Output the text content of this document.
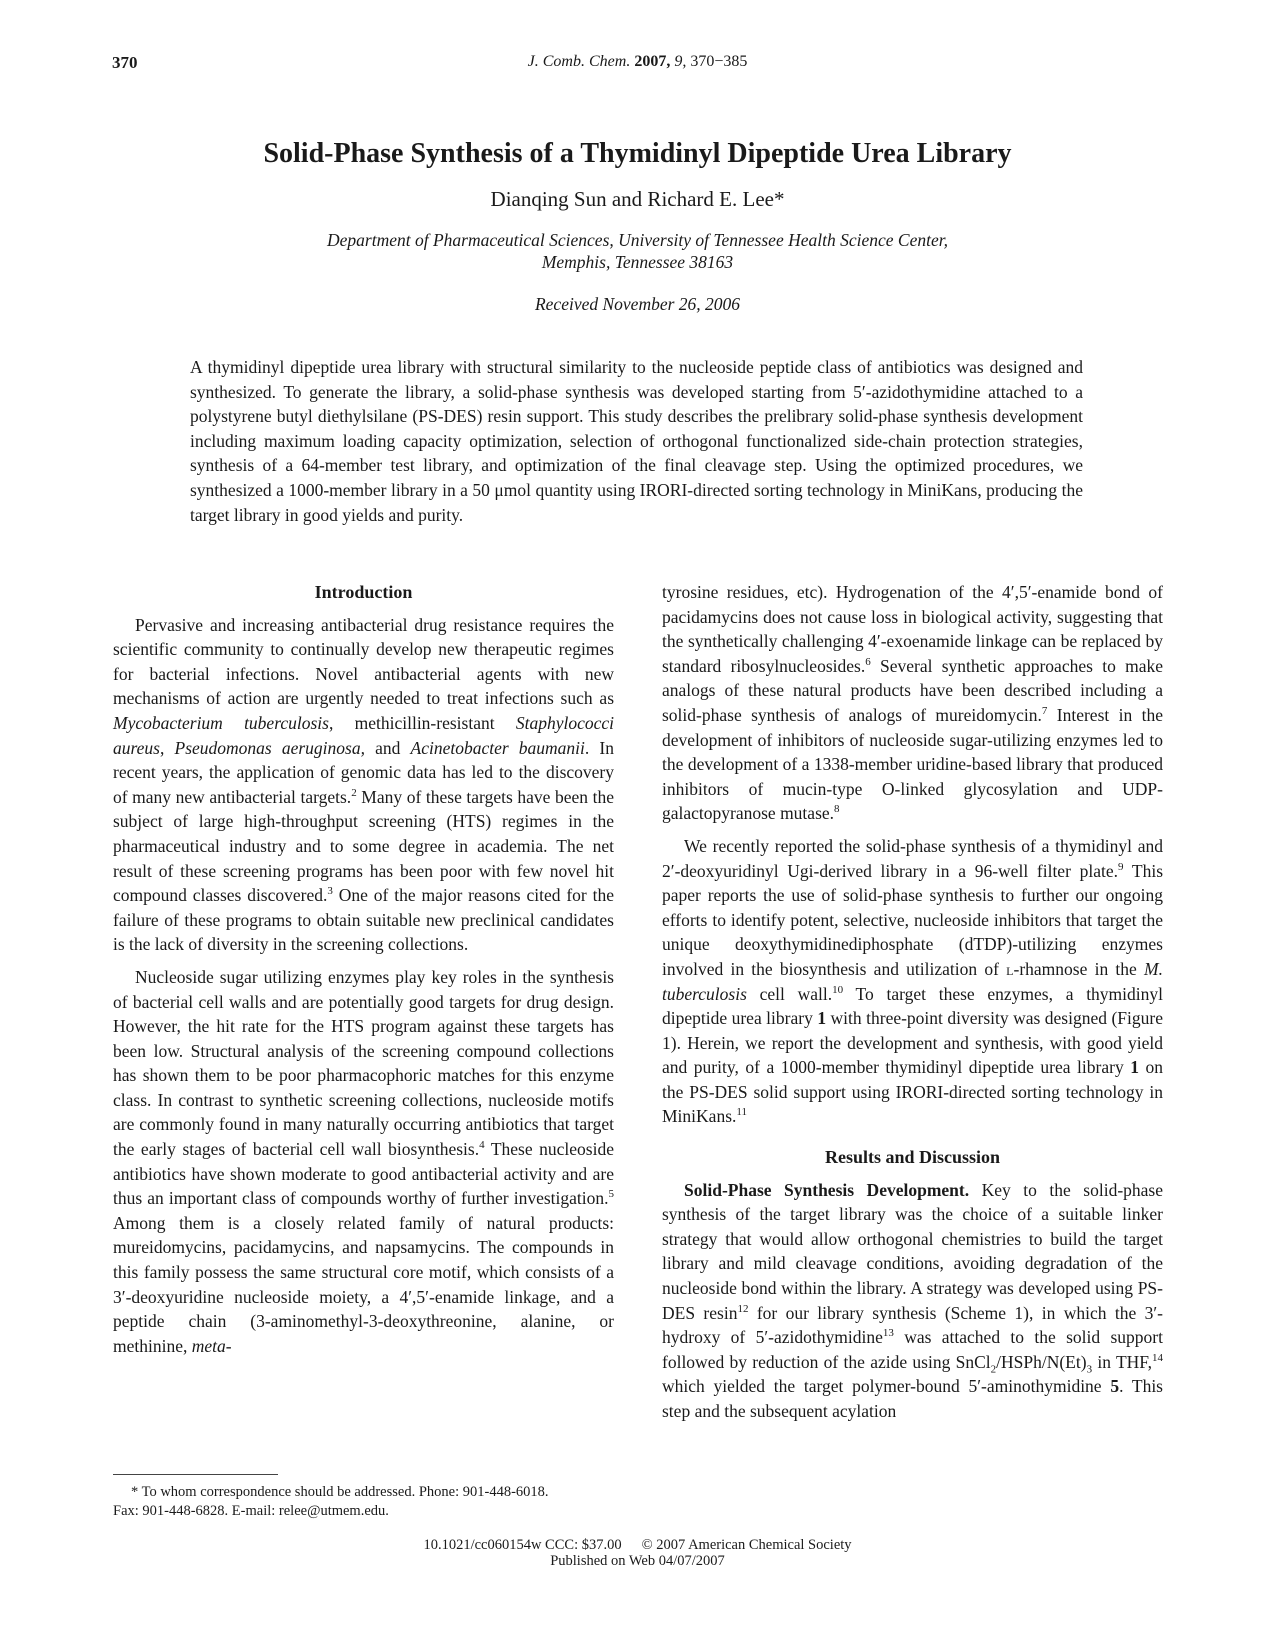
370	J. Comb. Chem. 2007, 9, 370−385
Solid-Phase Synthesis of a Thymidinyl Dipeptide Urea Library
Dianqing Sun and Richard E. Lee*
Department of Pharmaceutical Sciences, University of Tennessee Health Science Center,
Memphis, Tennessee 38163
Received November 26, 2006
A thymidinyl dipeptide urea library with structural similarity to the nucleoside peptide class of antibiotics was designed and synthesized. To generate the library, a solid-phase synthesis was developed starting from 5′-azidothymidine attached to a polystyrene butyl diethylsilane (PS-DES) resin support. This study describes the prelibrary solid-phase synthesis development including maximum loading capacity optimization, selection of orthogonal functionalized side-chain protection strategies, synthesis of a 64-member test library, and optimization of the final cleavage step. Using the optimized procedures, we synthesized a 1000-member library in a 50 μmol quantity using IRORI-directed sorting technology in MiniKans, producing the target library in good yields and purity.
Introduction

Pervasive and increasing antibacterial drug resistance requires the scientific community to continually develop new therapeutic regimes for bacterial infections. Novel antibacterial agents with new mechanisms of action are urgently needed to treat infections such as Mycobacterium tuberculosis, methicillin-resistant Staphylococci aureus, Pseudomonas aeruginosa, and Acinetobacter baumanii. In recent years, the application of genomic data has led to the discovery of many new antibacterial targets.$^2$ Many of these targets have been the subject of large high-throughput screening (HTS) regimes in the pharmaceutical industry and to some degree in academia. The net result of these screening programs has been poor with few novel hit compound classes discovered.$^3$ One of the major reasons cited for the failure of these programs to obtain suitable new preclinical candidates is the lack of diversity in the screening collections.

Nucleoside sugar utilizing enzymes play key roles in the synthesis of bacterial cell walls and are potentially good targets for drug design. However, the hit rate for the HTS program against these targets has been low. Structural analysis of the screening compound collections has shown them to be poor pharmacophoric matches for this enzyme class. In contrast to synthetic screening collections, nucleoside motifs are commonly found in many naturally occurring antibiotics that target the early stages of bacterial cell wall biosynthesis.$^4$ These nucleoside antibiotics have shown moderate to good antibacterial activity and are thus an important class of compounds worthy of further investigation.$^5$ Among them is a closely related family of natural products: mureidomycins, pacidamycins, and napsamycins. The compounds in this family possess the same structural core motif, which consists of a 3′-deoxyuridine nucleoside moiety, a 4′,5′-enamide linkage, and a peptide chain (3-aminomethyl-3-deoxythreonine, alanine, or methinine, meta-

tyrosine residues, etc). Hydrogenation of the 4′,5′-enamide bond of pacidamycins does not cause loss in biological activity, suggesting that the synthetically challenging 4′-exoenamide linkage can be replaced by standard ribosylnucleosides.$^6$ Several synthetic approaches to make analogs of these natural products have been described including a solid-phase synthesis of analogs of mureidomycin.$^7$ Interest in the development of inhibitors of nucleoside sugar-utilizing enzymes led to the development of a 1338-member uridine-based library that produced inhibitors of mucin-type O-linked glycosylation and UDP-galactopyranose mutase.$^8$

We recently reported the solid-phase synthesis of a thymidinyl and 2′-deoxyuridinyl Ugi-derived library in a 96-well filter plate.$^9$ This paper reports the use of solid-phase synthesis to further our ongoing efforts to identify potent, selective, nucleoside inhibitors that target the unique deoxythymidinediphosphate (dTDP)-utilizing enzymes involved in the biosynthesis and utilization of l-rhamnose in the M. tuberculosis cell wall.$^{10}$ To target these enzymes, a thymidinyl dipeptide urea library 1 with three-point diversity was designed (Figure 1). Herein, we report the development and synthesis, with good yield and purity, of a 1000-member thymidinyl dipeptide urea library 1 on the PS-DES solid support using IRORI-directed sorting technology in MiniKans.$^{11}$

Results and Discussion

Solid-Phase Synthesis Development. Key to the solid-phase synthesis of the target library was the choice of a suitable linker strategy that would allow orthogonal chemistries to build the target library and mild cleavage conditions, avoiding degradation of the nucleoside bond within the library. A strategy was developed using PS-DES resin$^{12}$ for our library synthesis (Scheme 1), in which the 3′-hydroxy of 5′-azidothymidine$^{13}$ was attached to the solid support followed by reduction of the azide using $SnCl_2/HSPh/N(Et)_3$ in THF,$^{14}$ which yielded the target polymer-bound 5′-aminothymidine 5. This step and the subsequent acylation

* To whom correspondence should be addressed. Phone: 901-448-6018.
Fax: 901-448-6828. E-mail: relee@utmem.edu.
10.1021/cc060154w CCC: $37.00 © 2007 American Chemical Society
Published on Web 04/07/2007
